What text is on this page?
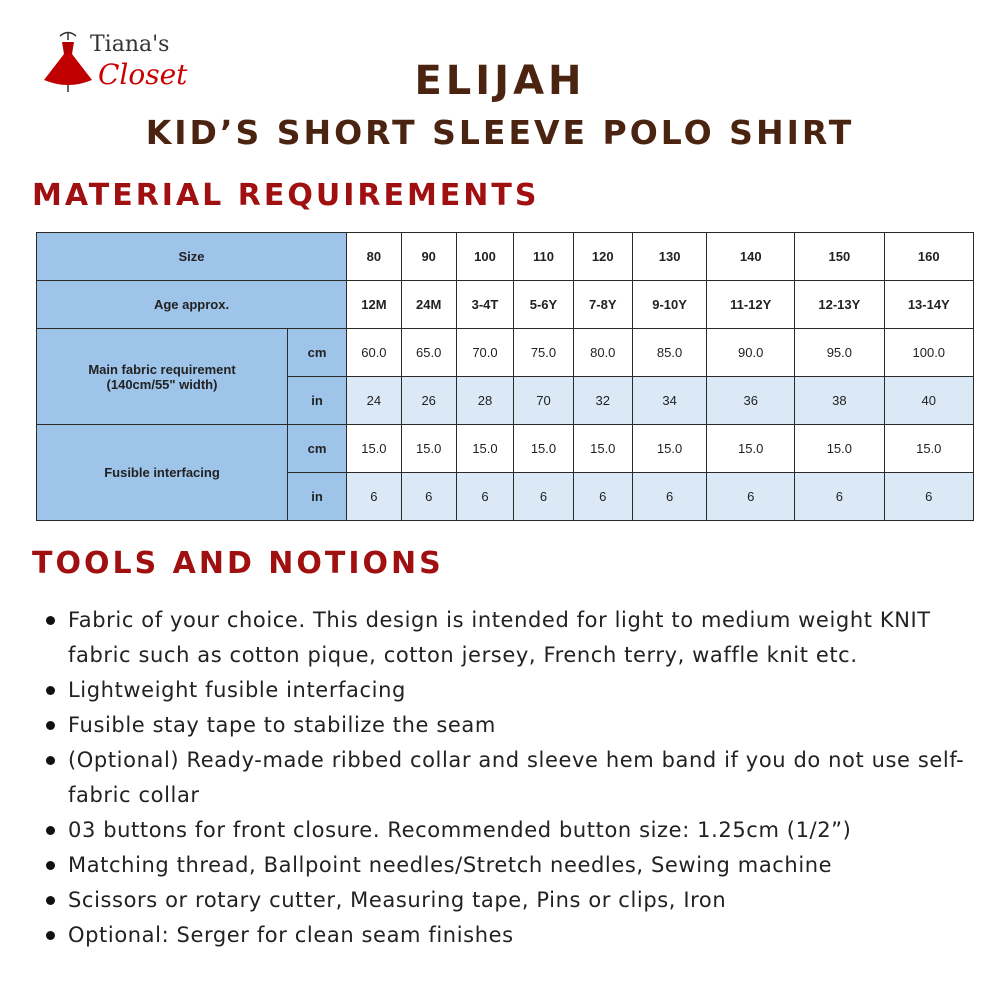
Tiana's
Closet	ELIJAH
KID’S SHORT SLEEVE POLO SHIRT
MATERIAL REQUIREMENTS
Size		80	90	100	110	120	130	140	150	160
Age approx.		12M	24M	3-4T	5-6Y	7-8Y	9-10Y	11-12Y	12-13Y	13-14Y

Main fabric requirement
(140cm/55" width)	cm	60.0	65.0	70.0	75.0	80.0	85.0	90.0	95.0	100.0
	in	24	26	28	70	32	34	36	38	40
Fusible interfacing	cm	15.0	15.0	15.0	15.0	15.0	15.0	15.0	15.0	15.0
	in	6	6	6	6	6	6	6	6	6
TOOLS AND NOTIONS
Fabric of your choice. This design is intended for light to medium weight KNIT fabric such as cotton pique, cotton jersey, French terry, waffle knit etc.
Lightweight fusible interfacing
Fusible stay tape to stabilize the seam
(Optional) Ready-made ribbed collar and sleeve hem band if you do not use self-fabric collar
03 buttons for front closure. Recommended button size: 1.25cm (1/2”)
Matching thread, Ballpoint needles/Stretch needles, Sewing machine
Scissors or rotary cutter, Measuring tape, Pins or clips, Iron
Optional: Serger for clean seam finishes
